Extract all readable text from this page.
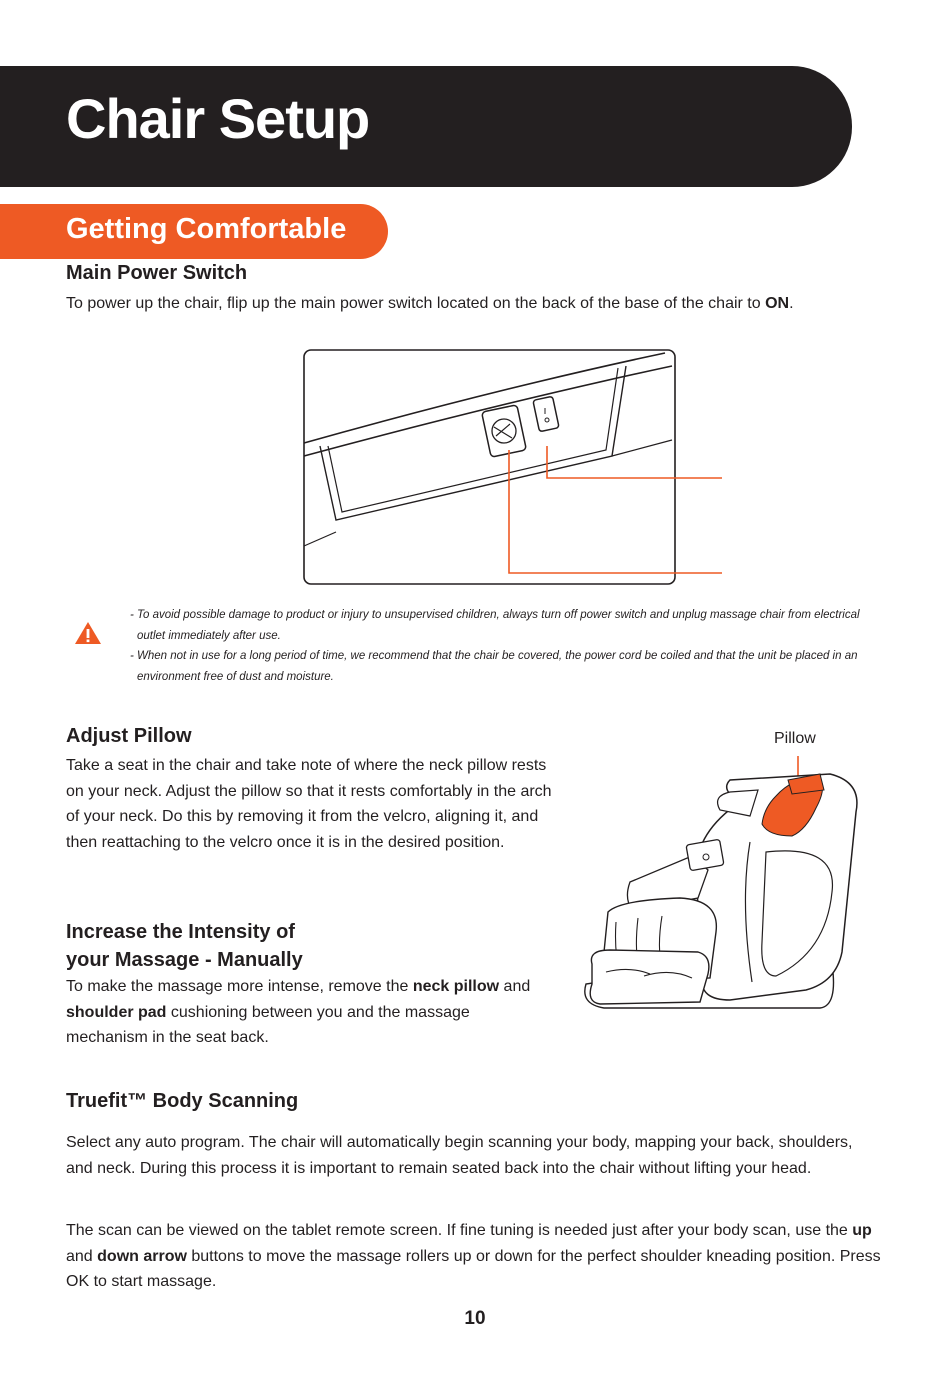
Chair Setup
Getting Comfortable
Main Power Switch

To power up the chair, flip up the main power switch located on the back of the base of the chair to ON.

- To avoid possible damage to product or injury to unsupervised children, always turn off power switch and unplug massage chair from electrical outlet immediately after use.
- When not in use for a long period of time, we recommend that the chair be covered, the power cord be coiled and that the unit be placed in an environment free of dust and moisture.
Adjust Pillow

Take a seat in the chair and take note of where the neck pillow rests on your neck. Adjust the pillow so that it rests comfortably in the arch of your neck. Do this by removing it from the velcro, aligning it, and then reattaching to the velcro once it is in the desired position.

Pillow
Increase the Intensity of
your Massage - Manually

To make the massage more intense, remove the neck pillow and shoulder pad cushioning between you and the massage mechanism in the seat back.

Truefit™ Body Scanning

Select any auto program. The chair will automatically begin scanning your body, mapping your back, shoulders, and neck. During this process it is important to remain seated back into the chair without lifting your head.

The scan can be viewed on the tablet remote screen. If fine tuning is needed just after your body scan, use the up and down arrow buttons to move the massage rollers up or down for the perfect shoulder kneading position. Press OK to start massage.

10
